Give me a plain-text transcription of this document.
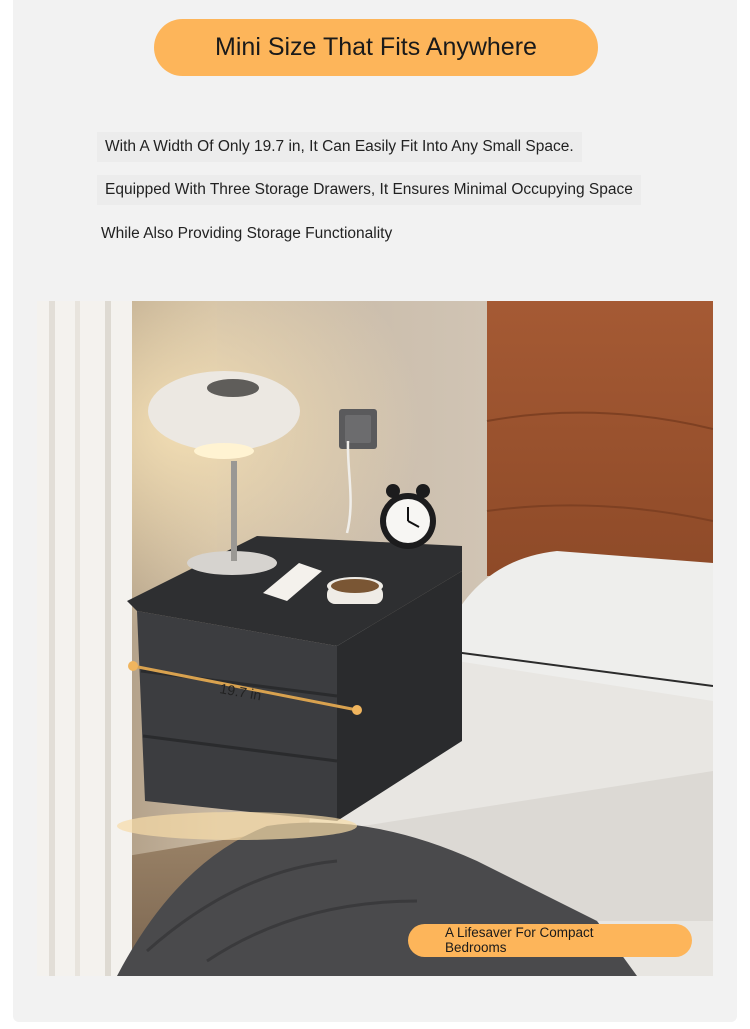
Mini Size That Fits Anywhere
With A Width Of Only 19.7 in, It Can Easily Fit Into Any Small Space.
Equipped With Three Storage Drawers, It Ensures Minimal Occupying Space
While Also Providing Storage Functionality
19.7 in
A Lifesaver For Compact Bedrooms
